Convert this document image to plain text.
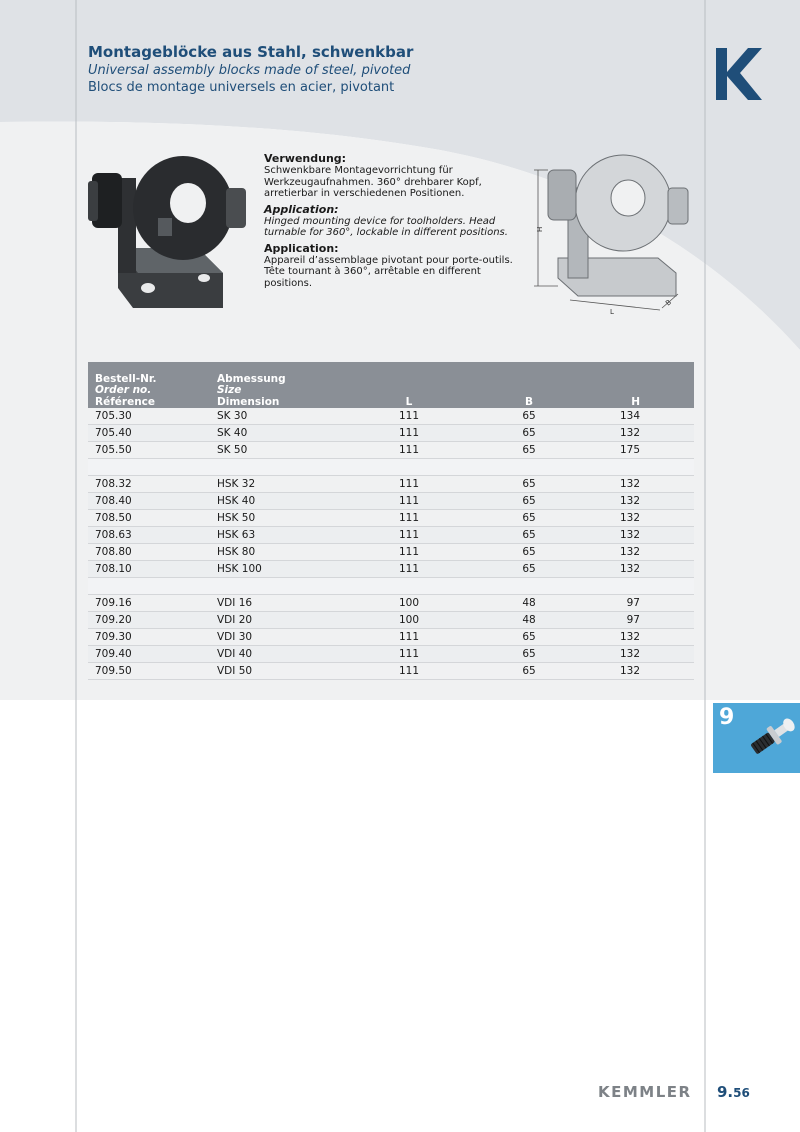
Montageblöcke aus Stahl, schwenkbar

Universal assembly blocks made of steel, pivoted

Blocs de montage universels en acier, pivotant

Verwendung:

Schwenkbare Montagevorrichtung für Werkzeugaufnahmen. 360° drehbarer Kopf, arretierbar in verschiedenen Positionen.

Application:

Hinged mounting device for toolholders. Head turnable for 360°, lockable in different positions.

Application:

Appareil d’assemblage pivotant pour porte-outils. Tête tournant à 360°, arrêtable en different positions.

H
L
B
Bestell-Nr.
Order no.
Référence	Abmessung
Size
Dimension	L	B	H
705.30	SK 30	111	65	134
705.40	SK 40	111	65	132
705.50	SK 50	111	65	175

708.32	HSK 32	111	65	132
708.40	HSK 40	111	65	132
708.50	HSK 50	111	65	132
708.63	HSK 63	111	65	132
708.80	HSK 80	111	65	132
708.10	HSK 100	111	65	132

709.16	VDI 16	100	48	97
709.20	VDI 20	100	48	97
709.30	VDI 30	111	65	132
709.40	VDI 40	111	65	132
709.50	VDI 50	111	65	132
9
KEMMLER 9.56
